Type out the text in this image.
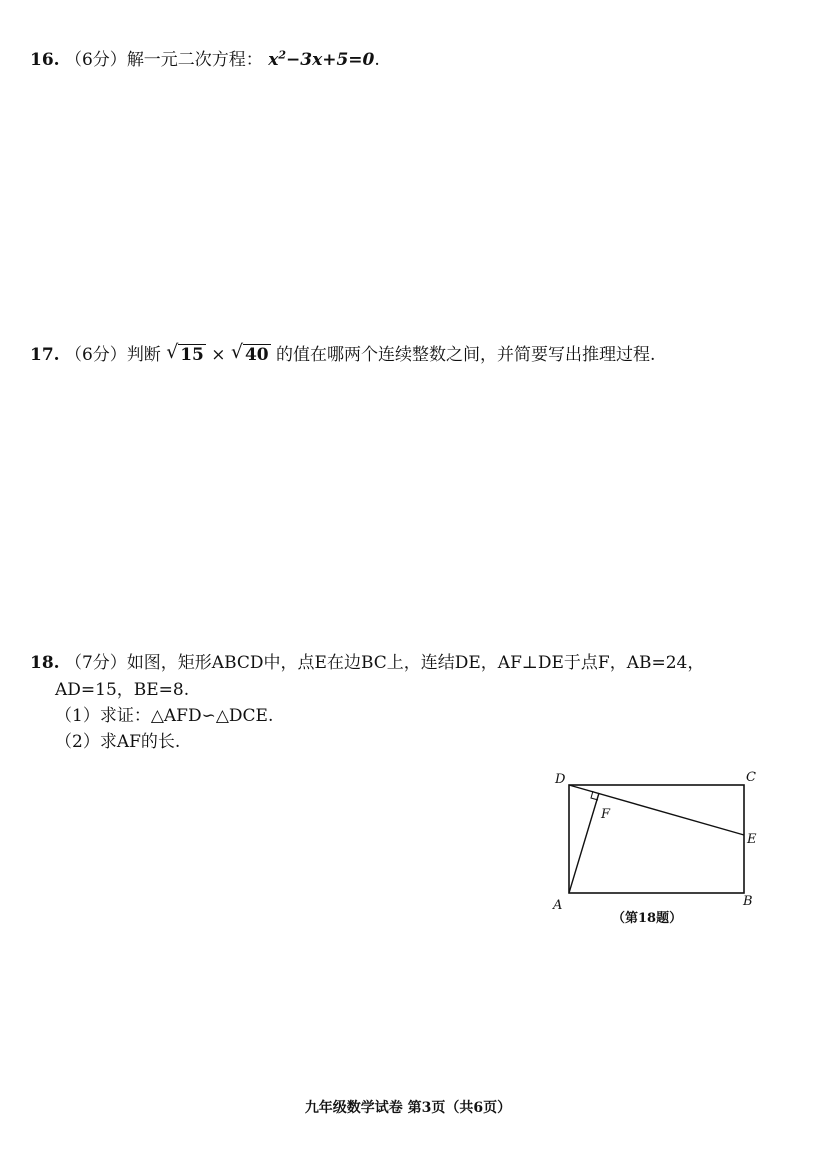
16. （6分）解一元二次方程： $x^2-3x+5=0$.
17. （6分）判断 √ 15 × √ 40 的值在哪两个连续整数之间，并简要写出推理过程.
18. （7分）如图，矩形ABCD中，点E在边BC上，连结DE，AF⊥DE于点F，AB=24，
AD=15，BE=8.
（1）求证：△AFD∽△DCE.
（2）求AF的长.
D	C
E
F
A	B
（第18题）
九年级数学试卷 第3页（共6页）
